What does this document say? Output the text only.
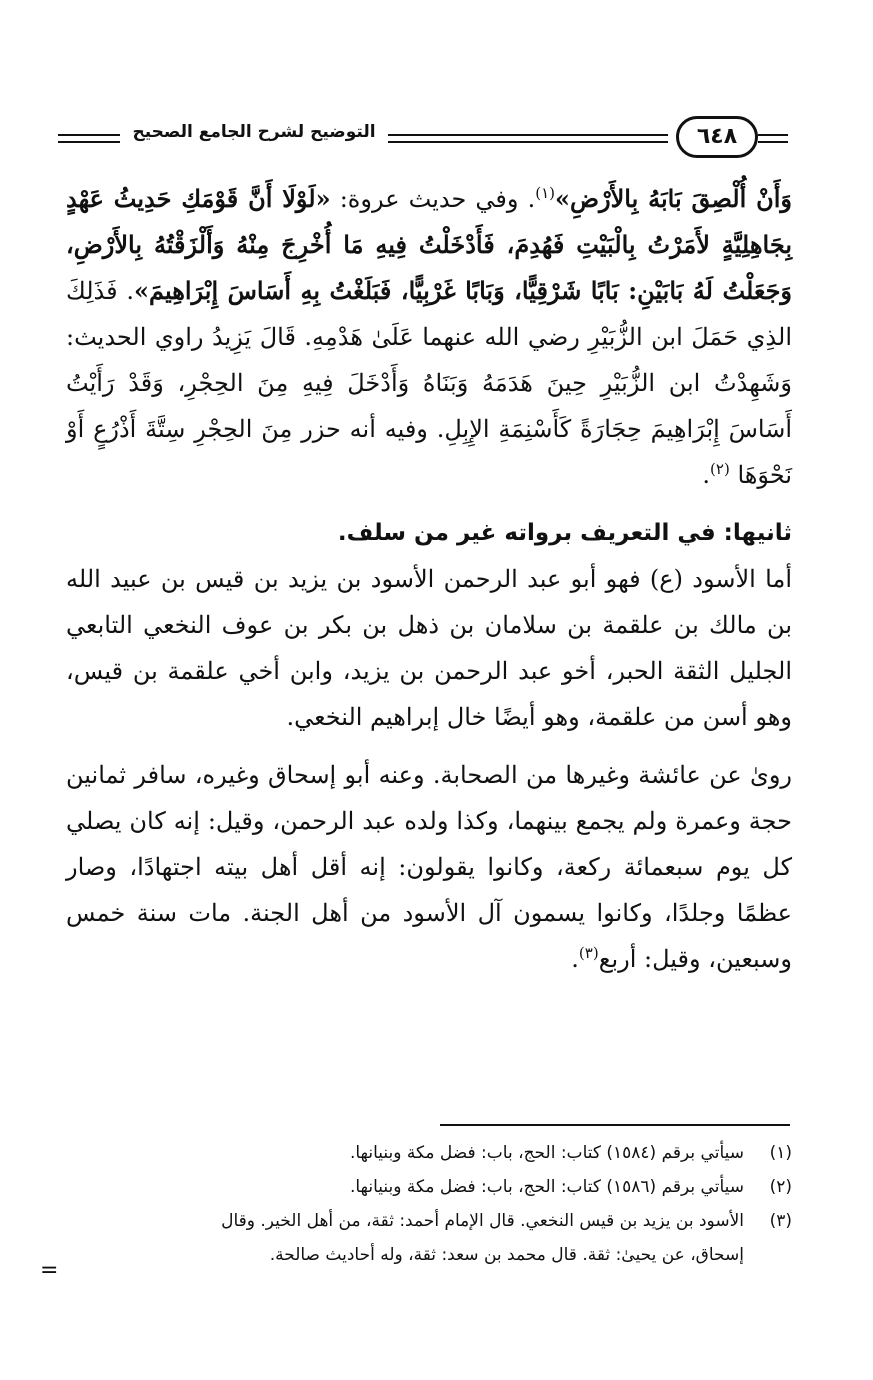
التوضيح لشرح الجامع الصحيح	٦٤٨

وَأَنْ أُلْصِقَ بَابَهُ بِالأَرْضِ»$^{(١)}$. وفي حديث عروة: «لَوْلَا أَنَّ قَوْمَكِ حَدِيثُ عَهْدٍ بِجَاهِلِيَّةٍ لأَمَرْتُ بِالْبَيْتِ فَهُدِمَ، فَأَدْخَلْتُ فِيهِ مَا أُخْرِجَ مِنْهُ وَأَلْزَقْتُهُ بِالأَرْضِ، وَجَعَلْتُ لَهُ بَابَيْنِ: بَابًا شَرْقِيًّا، وَبَابًا غَرْبِيًّا، فَبَلَغْتُ بِهِ أَسَاسَ إِبْرَاهِيمَ». فَذَلِكَ الذِي حَمَلَ ابن الزُّبَيْرِ رضي الله عنهما عَلَىٰ هَدْمِهِ. قَالَ يَزِيدُ راوي الحديث: وَشَهِدْتُ ابن الزُّبَيْرِ حِينَ هَدَمَهُ وَبَنَاهُ وَأَدْخَلَ فِيهِ مِنَ الحِجْرِ، وَقَدْ رَأَيْتُ أَسَاسَ إِبْرَاهِيمَ حِجَارَةً كَأَسْنِمَةِ الإِبِلِ. وفيه أنه حزر مِنَ الحِجْرِ سِتَّةَ أَذْرُعٍ أَوْ نَحْوَهَا $^{(٢)}$.

ثانيها: في التعريف برواته غير من سلف.

أما الأسود (ع) فهو أبو عبد الرحمن الأسود بن يزيد بن قيس بن عبيد الله بن مالك بن علقمة بن سلامان بن ذهل بن بكر بن عوف النخعي التابعي الجليل الثقة الحبر، أخو عبد الرحمن بن يزيد، وابن أخي علقمة بن قيس، وهو أسن من علقمة، وهو أيضًا خال إبراهيم النخعي.

روىٰ عن عائشة وغيرها من الصحابة. وعنه أبو إسحاق وغيره، سافر ثمانين حجة وعمرة ولم يجمع بينهما، وكذا ولده عبد الرحمن، وقيل: إنه كان يصلي كل يوم سبعمائة ركعة، وكانوا يقولون: إنه أقل أهل بيته اجتهادًا، وصار عظمًا وجلدًا، وكانوا يسمون آل الأسود من أهل الجنة. مات سنة خمس وسبعين، وقيل: أربع$^{(٣)}$.

(١)
سيأتي برقم (١٥٨٤) كتاب: الحج، باب: فضل مكة وبنيانها.
(٢)
سيأتي برقم (١٥٨٦) كتاب: الحج، باب: فضل مكة وبنيانها.
(٣)
الأسود بن يزيد بن قيس النخعي. قال الإمام أحمد: ثقة، من أهل الخير. وقال
إسحاق، عن يحيىٰ: ثقة. قال محمد بن سعد: ثقة، وله أحاديث صالحة.
=
